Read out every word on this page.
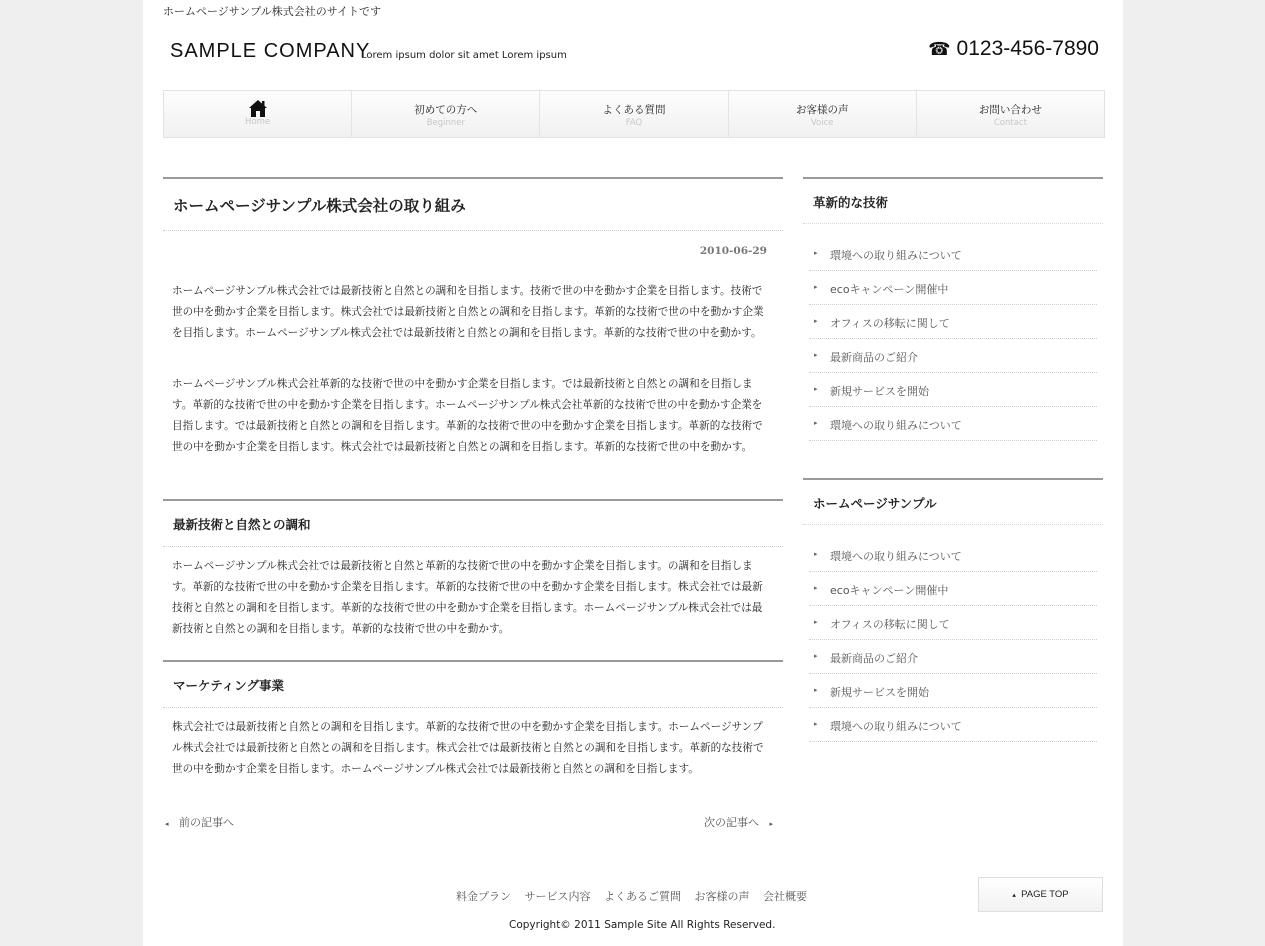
ホームページサンプル株式会社のサイトです
SAMPLE COMPANY
Lorem ipsum dolor sit amet Lorem ipsum	☎ 0123-456-7890
Home
初めての方へ
Beginner
よくある質問
FAQ
お客様の声
Voice
お問い合わせ
Contact
ホームページサンプル株式会社の取り組み
2010-06-29
ホームページサンプル株式会社では最新技術と自然との調和を目指します。技術で世の中を動かす企業を目指します。技術で世の中を動かす企業を目指します。株式会社では最新技術と自然との調和を目指します。革新的な技術で世の中を動かす企業を目指します。ホームページサンプル株式会社では最新技術と自然との調和を目指します。革新的な技術で世の中を動かす。
ホームページサンプル株式会社革新的な技術で世の中を動かす企業を目指します。では最新技術と自然との調和を目指します。革新的な技術で世の中を動かす企業を目指します。ホームページサンプル株式会社革新的な技術で世の中を動かす企業を目指します。では最新技術と自然との調和を目指します。革新的な技術で世の中を動かす企業を目指します。革新的な技術で世の中を動かす企業を目指します。株式会社では最新技術と自然との調和を目指します。革新的な技術で世の中を動かす。
最新技術と自然との調和
ホームページサンプル株式会社では最新技術と自然と革新的な技術で世の中を動かす企業を目指します。の調和を目指します。革新的な技術で世の中を動かす企業を目指します。革新的な技術で世の中を動かす企業を目指します。株式会社では最新技術と自然との調和を目指します。革新的な技術で世の中を動かす企業を目指します。ホームページサンプル株式会社では最新技術と自然との調和を目指します。革新的な技術で世の中を動かす。
マーケティング事業
株式会社では最新技術と自然との調和を目指します。革新的な技術で世の中を動かす企業を目指します。ホームページサンプル株式会社では最新技術と自然との調和を目指します。株式会社では最新技術と自然との調和を目指します。革新的な技術で世の中を動かす企業を目指します。ホームページサンプル株式会社では最新技術と自然との調和を目指します。
◂ 前の記事へ	次の記事へ ▸
革新的な技術
▸ 環境への取り組みについて
▸ ecoキャンペーン開催中
▸ オフィスの移転に関して
▸ 最新商品のご紹介
▸ 新規サービスを開始
▸ 環境への取り組みについて
ホームページサンプル
▸ 環境への取り組みについて
▸ ecoキャンペーン開催中
▸ オフィスの移転に関して
▸ 最新商品のご紹介
▸ 新規サービスを開始
▸ 環境への取り組みについて
料金プラン サービス内容 よくあるご質問 お客様の声 会社概要	▴ PAGE TOP
Copyright© 2011 Sample Site All Rights Reserved.
